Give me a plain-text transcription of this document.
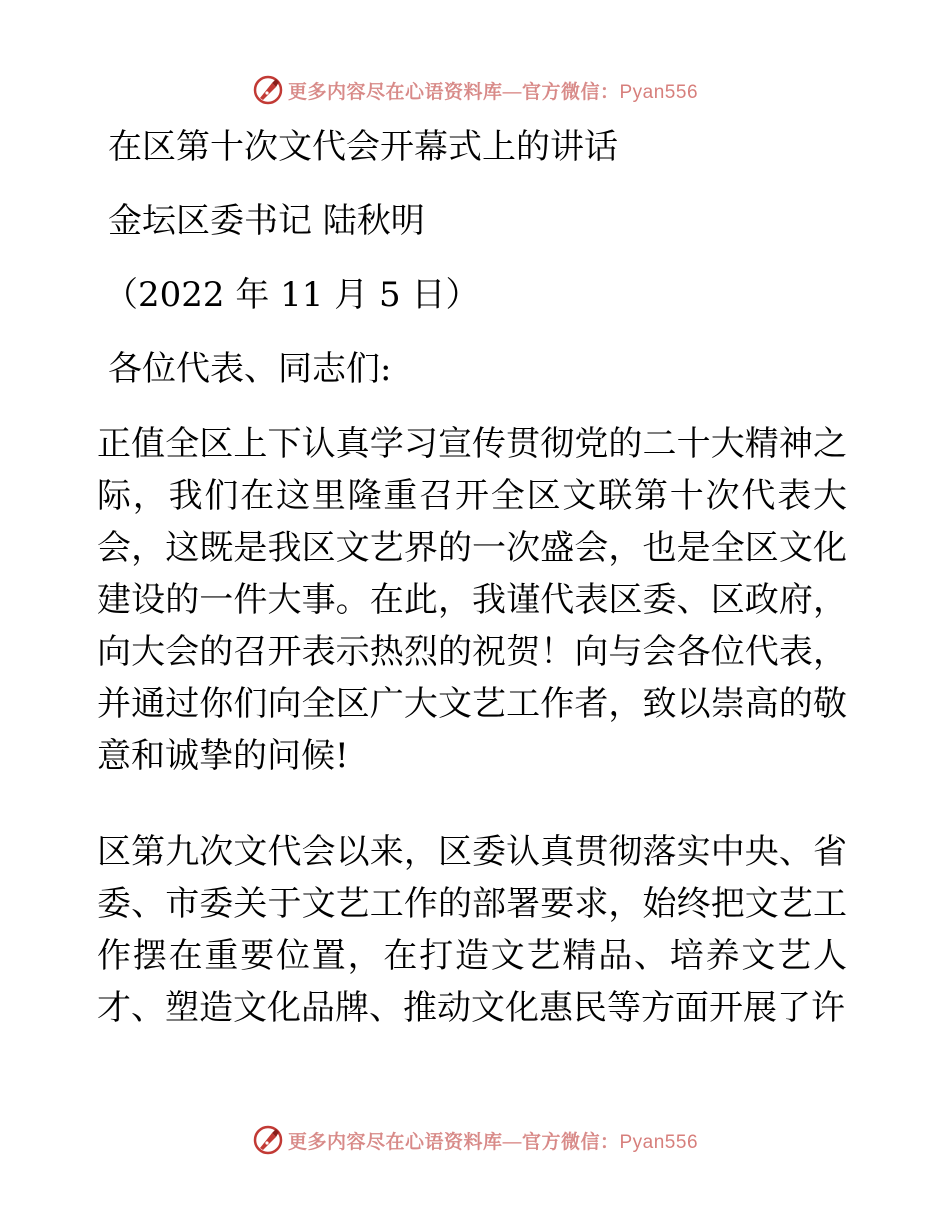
更多内容尽在心语资料库—官方微信：Pyan556

在区第十次文代会开幕式上的讲话

金坛区委书记 陆秋明

（2022 年 11 月 5 日）

各位代表、同志们:

正值全区上下认真学习宣传贯彻党的二十大精神之际，我们在这里隆重召开全区文联第十次代表大会，这既是我区文艺界的一次盛会，也是全区文化建设的一件大事。在此，我谨代表区委、区政府，向大会的召开表示热烈的祝贺！向与会各位代表，并通过你们向全区广大文艺工作者，致以崇高的敬意和诚挚的问候!

区第九次文代会以来，区委认真贯彻落实中央、省委、市委关于文艺工作的部署要求，始终把文艺工作摆在重要位置，在打造文艺精品、培养文艺人才、塑造文化品牌、推动文化惠民等方面开展了许

更多内容尽在心语资料库—官方微信：Pyan556
